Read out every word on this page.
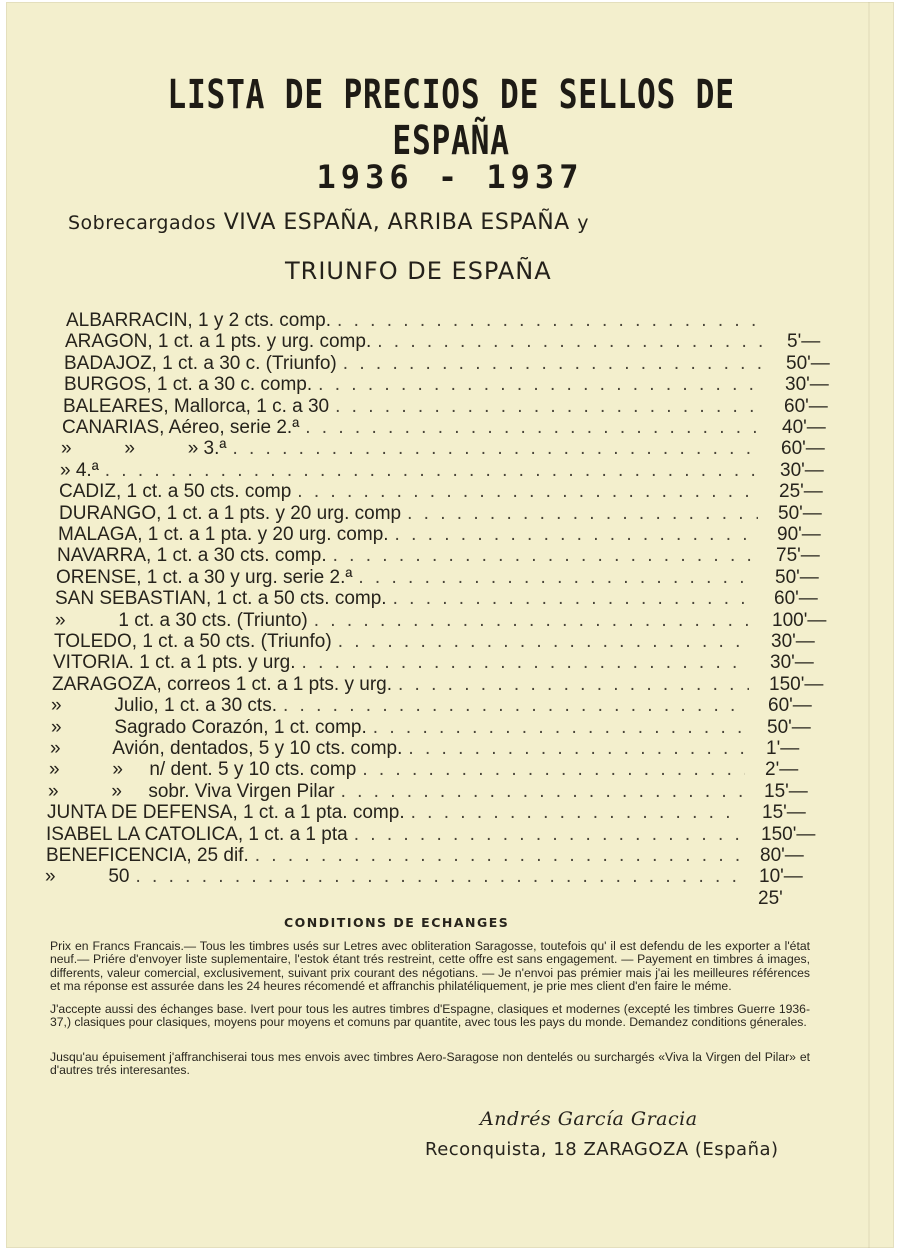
LISTA DE PRECIOS DE SELLOS DE ESPAÑA
1936 - 1937
Sobrecargados VIVA ESPAÑA, ARRIBA ESPAÑA y
TRIUNFO DE ESPAÑA
ALBARRACIN, 1 y 2 cts. comp.
. . .
ARAGON, 1 ct. a 1 pts. y urg. comp. . . .	5'—
BADAJOZ, 1 ct. a 30 c. (Triunfo) . . .	50'—
BURGOS, 1 ct. a 30 c. comp. . . .	30'—
BALEARES, Mallorca, 1 c. a 30 . . .	60'—
CANARIAS, Aéreo, serie 2.ª . . .	40'—
»          »          » 3.ª . . .	60'—
» 4.ª . . .	30'—
CADIZ, 1 ct. a 50 cts. comp . . .	25'—
DURANGO, 1 ct. a 1 pts. y 20 urg. comp . . .	50'—
MALAGA, 1 ct. a 1 pta. y 20 urg. comp. . . .	90'—
NAVARRA, 1 ct. a 30 cts. comp. . . .	75'—
ORENSE, 1 ct. a 30 y urg. serie 2.ª . . .	50'—
SAN SEBASTIAN, 1 ct. a 50 cts. comp. . . .	60'—
»          1 ct. a 30 cts. (Triunto) . . .	100'—
TOLEDO, 1 ct. a 50 cts. (Triunfo) . . .	30'—
VITORIA. 1 ct. a 1 pts. y urg. . . .	30'—
ZARAGOZA, correos 1 ct. a 1 pts. y urg. . . .	150'—
»          Julio, 1 ct. a 30 cts. . . .	60'—
»          Sagrado Corazón, 1 ct. comp. . . .	50'—
»          Avión, dentados, 5 y 10 cts. comp. . . .	1'—
»          »     n/ dent. 5 y 10 cts. comp . . .	2'—
»          »     sobr. Viva Virgen Pilar . . .	15'—
JUNTA DE DEFENSA, 1 ct. a 1 pta. comp. . . .	15'—
ISABEL LA CATOLICA, 1 ct. a 1 pta . . .	150'—
BENEFICENCIA, 25 dif. . . .	80'—
»          50 . . .	10'—
25'
CONDITIONS DE ECHANGES
Prix en Francs Francais.— Tous les timbres usés sur Letres avec obliteration Saragosse, toutefois qu' il est defendu de les exporter a l'état neuf.— Priére d'envoyer liste suplementaire, l'estok étant trés restreint, cette offre est sans engagement. — Payement en timbres á images, differents, valeur comercial, exclusivement, suivant prix courant des négotians. — Je n'envoi pas prémier mais j'ai les meilleures références et ma réponse est assurée dans les 24 heures récomendé et affranchis philatéliquement, je prie mes client d'en faire le méme.
J'accepte aussi des échanges base. Ivert pour tous les autres timbres d'Espagne, clasiques et modernes (excepté les timbres Guerre 1936-37,) clasiques pour clasiques, moyens pour moyens et comuns par quantite, avec tous les pays du monde. Demandez conditions génerales.
Jusqu'au épuisement j'affranchiserai tous mes envois avec timbres Aero-Saragose non dentelés ou surchargés «Viva la Virgen del Pilar» et d'autres trés interesantes.
Andrés García Gracia
Reconquista, 18 ZARAGOZA (España)
